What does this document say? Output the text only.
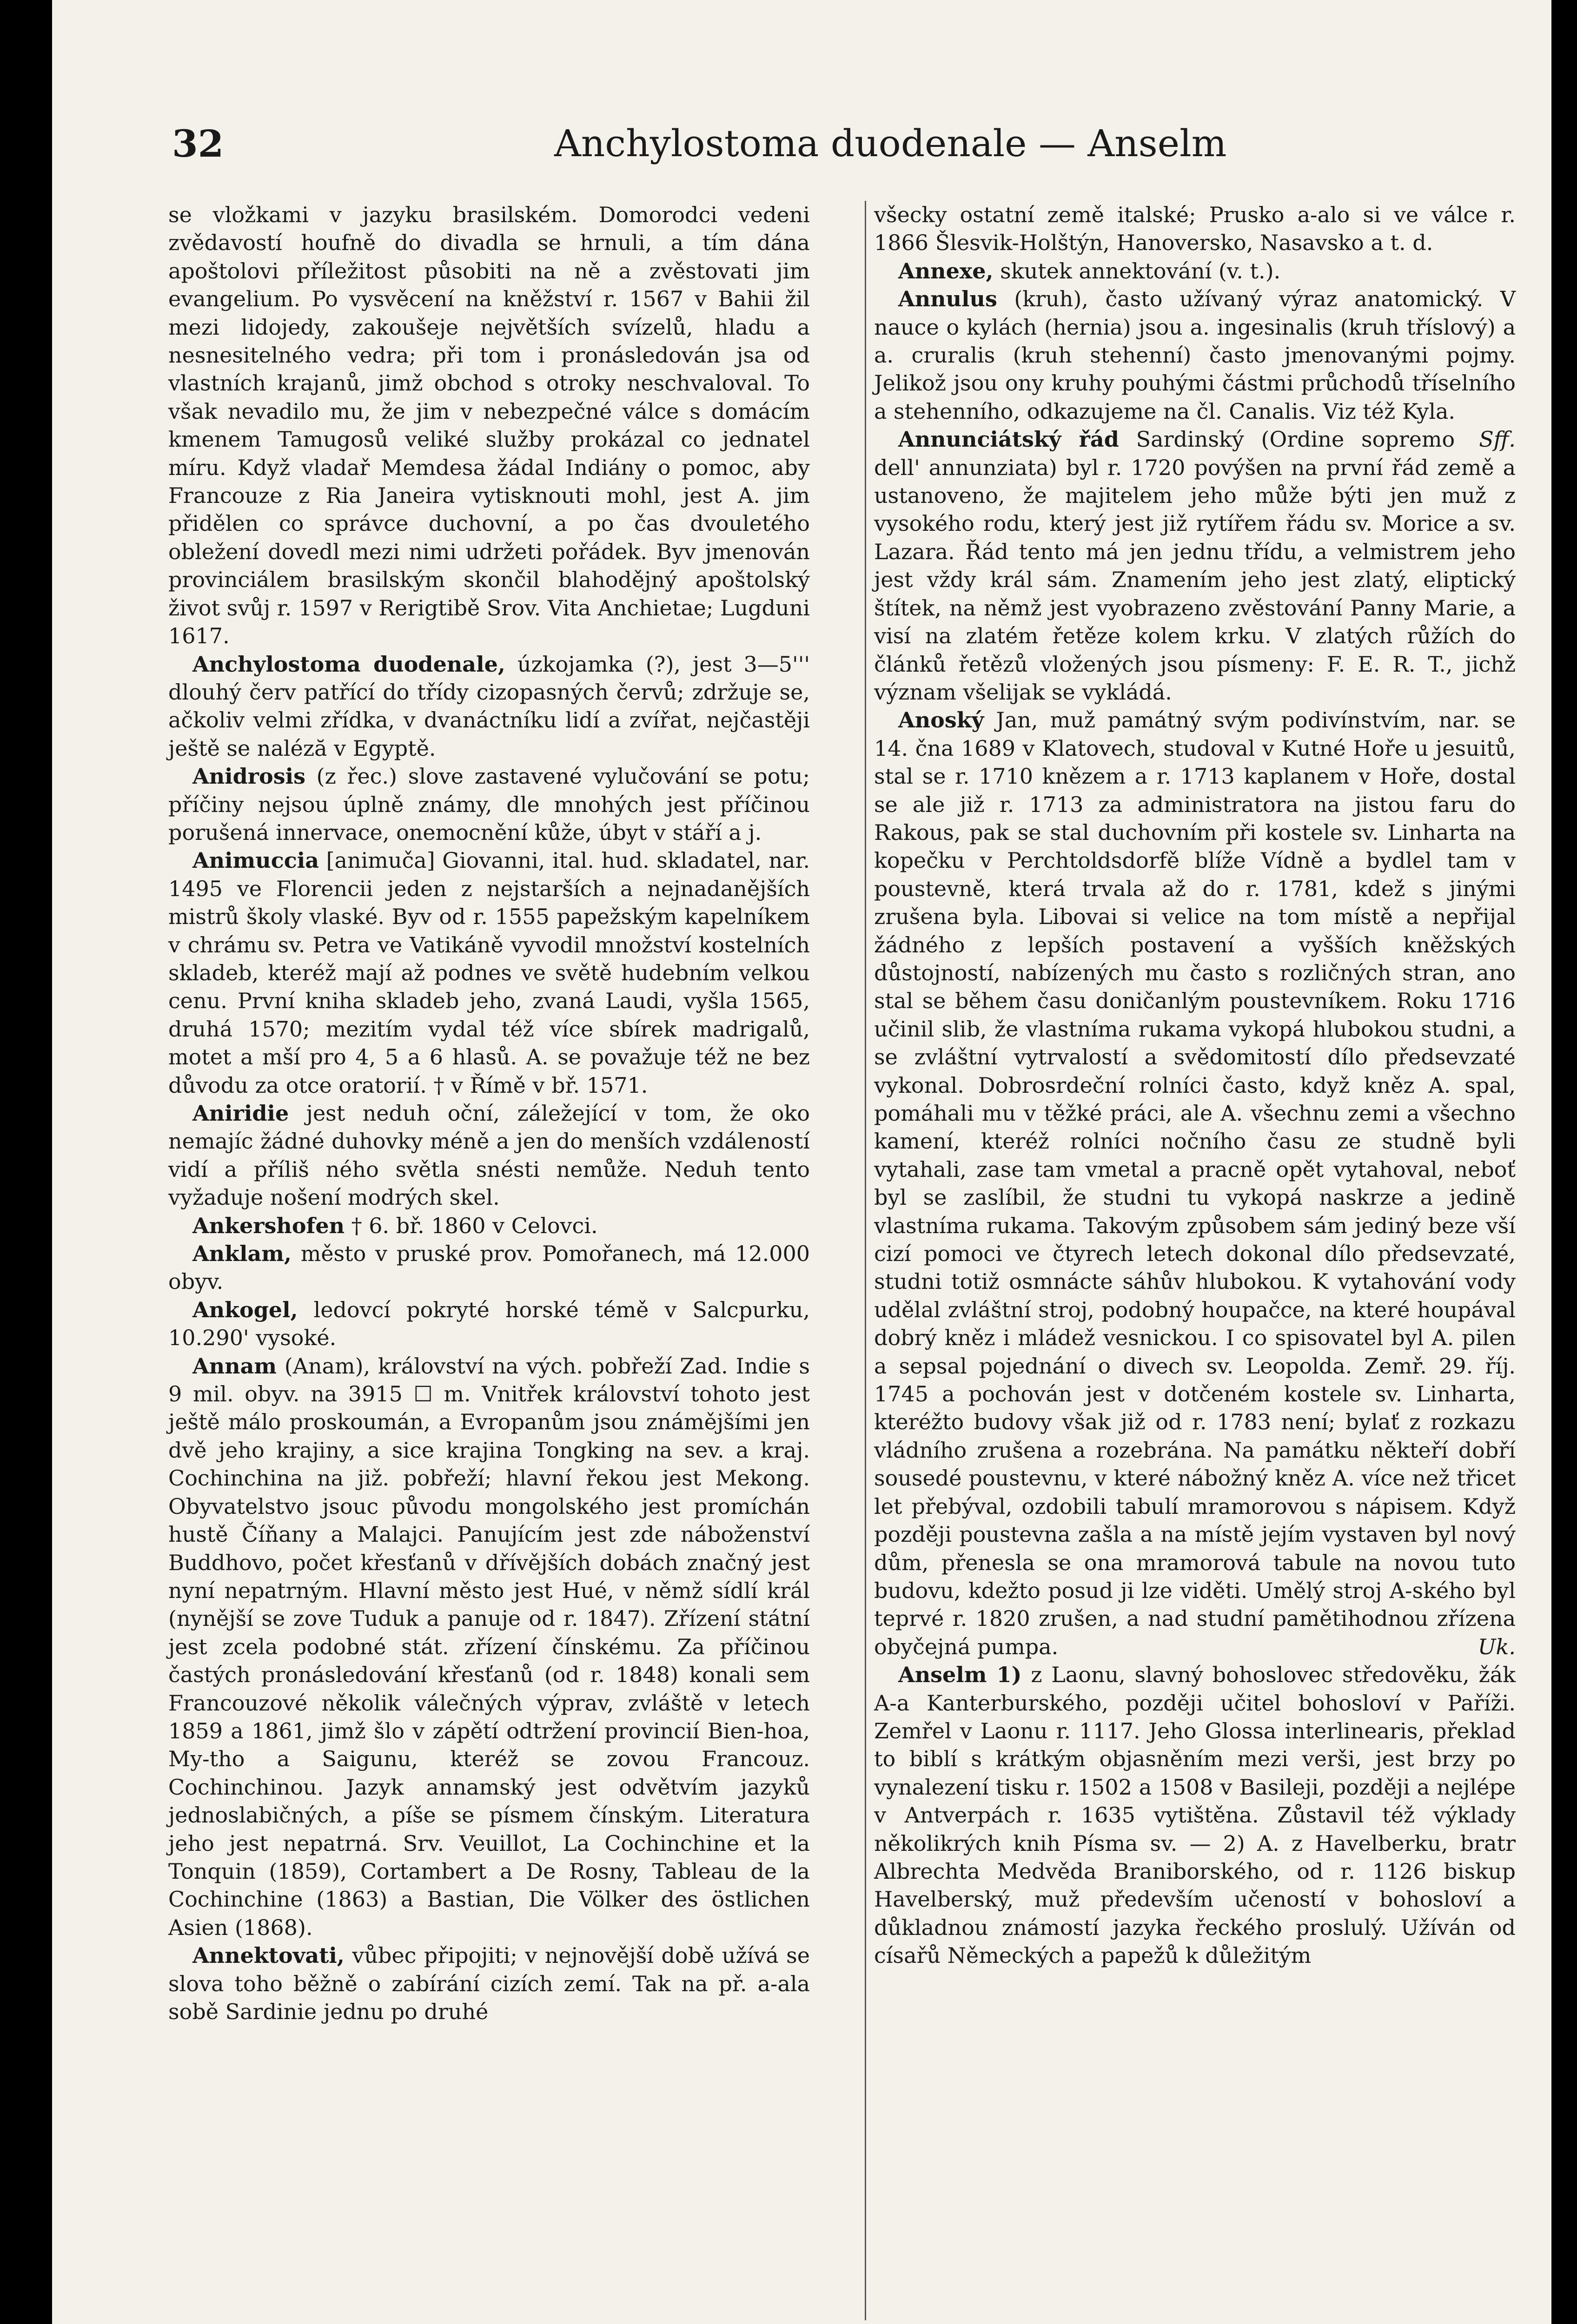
32	Anchylostoma duodenale — Anselm

se vložkami v jazyku brasilském. Domorodci vedeni zvědavostí houfně do divadla se hrnuli, a tím dána apoštolovi příležitost působiti na ně a zvěstovati jim evangelium. Po vysvěcení na kněžství r. 1567 v Bahii žil mezi lidojedy, zakoušeje největších svízelů, hladu a nesnesitelného vedra; při tom i pronásledován jsa od vlastních krajanů, jimž obchod s otroky neschvaloval. To však nevadilo mu, že jim v nebezpečné válce s domácím kmenem Tamugosů veliké služby prokázal co jednatel míru. Když vladař Memdesa žádal Indiány o pomoc, aby Francouze z Ria Janeira vytisknouti mohl, jest A. jim přidělen co správce duchovní, a po čas dvouletého obležení dovedl mezi nimi udržeti pořádek. Byv jmenován provinciálem brasilským skončil blahodějný apoštolský život svůj r. 1597 v Rerigtibě Srov. Vita Anchietae; Lugduni 1617.

Anchylostoma duodenale, úzkojamka (?), jest 3—5''' dlouhý červ patřící do třídy cizopasných červů; zdržuje se, ačkoliv velmi zřídka, v dvanáctníku lidí a zvířat, nejčastěji ještě se naléză v Egyptě.

Anidrosis (z řec.) slove zastavené vylučování se potu; příčiny nejsou úplně známy, dle mnohých jest příčinou porušená innervace, onemocnění kůže, úbyt v stáří a j.

Animuccia [animuča] Giovanni, ital. hud. skladatel, nar. 1495 ve Florencii jeden z nejstarších a nejnadanějších mistrů školy vlaské. Byv od r. 1555 papežským kapelníkem v chrámu sv. Petra ve Vatikáně vyvodil množství kostelních skladeb, kteréž mají až podnes ve světě hudebním velkou cenu. První kniha skladeb jeho, zvaná Laudi, vyšla 1565, druhá 1570; mezitím vydal též více sbírek madrigalů, motet a mší pro 4, 5 a 6 hlasů. A. se považuje též ne bez důvodu za otce oratorií. † v Římě v bř. 1571.

Aniridie jest neduh oční, záležející v tom, že oko nemajíc žádné duhovky méně a jen do menších vzdáleností vidí a příliš ného světla snésti nemůže. Neduh tento vyžaduje nošení modrých skel.

Ankershofen † 6. bř. 1860 v Celovci.

Anklam, město v pruské prov. Pomořanech, má 12.000 obyv.

Ankogel, ledovcí pokryté horské témě v Salcpurku, 10.290' vysoké.

Annam (Anam), království na vých. pobřeží Zad. Indie s 9 mil. obyv. na 3915 ☐ m. Vnitřek království tohoto jest ještě málo proskoumán, a Evropanům jsou známějšími jen dvě jeho krajiny, a sice krajina Tongking na sev. a kraj. Cochinchina na již. pobřeží; hlavní řekou jest Mekong. Obyvatelstvo jsouc původu mongolského jest promíchán hustě Číňany a Malajci. Panujícím jest zde náboženství Buddhovo, počet křesťanů v dřívějších dobách značný jest nyní nepatrným. Hlavní město jest Hué, v němž sídlí král (nynější se zove Tuduk a panuje od r. 1847). Zřízení státní jest zcela podobné stát. zřízení čínskému. Za příčinou častých pronásledování křesťanů (od r. 1848) konali sem Francouzové několik válečných výprav, zvláště v letech 1859 a 1861, jimž šlo v zápětí odtržení provincií Bien-hoa, My-tho a Saigunu, kteréž se zovou Francouz. Cochinchinou. Jazyk annamský jest odvětvím jazyků jednoslabičných, a píše se písmem čínským. Literatura jeho jest nepatrná. Srv. Veuillot, La Cochinchine et la Tonquin (1859), Cortambert a De Rosny, Tableau de la Cochinchine (1863) a Bastian, Die Völker des östlichen Asien (1868).

Annektovati, vůbec připojiti; v nejnovější době užívá se slova toho běžně o zabírání cizích zemí. Tak na př. a-ala sobě Sardinie jednu po druhé

všecky ostatní země italské; Prusko a-alo si ve válce r. 1866 Šlesvik-Holštýn, Hanoversko, Nasavsko a t. d.

Annexe, skutek annektování (v. t.).

Annulus (kruh), často užívaný výraz anatomický. V nauce o kylách (hernia) jsou a. ingesinalis (kruh tříslový) a a. cruralis (kruh stehenní) často jmenovanými pojmy. Jelikož jsou ony kruhy pouhými částmi průchodů tříselního a stehenního, odkazujeme na čl. Canalis. Viz též Kyla.
Sff.

Annunciátský řád Sardinský (Ordine sopremo dell' annunziata) byl r. 1720 povýšen na první řád země a ustanoveno, že majitelem jeho může býti jen muž z vysokého rodu, který jest již rytířem řádu sv. Morice a sv. Lazara. Řád tento má jen jednu třídu, a velmistrem jeho jest vždy král sám. Znamením jeho jest zlatý, eliptický štítek, na němž jest vyobrazeno zvěstování Panny Marie, a visí na zlatém řetěze kolem krku. V zlatých růžích do článků řetězů vložených jsou písmeny: F. E. R. T., jichž význam všelijak se vykládá.

Anoský Jan, muž památný svým podivínstvím, nar. se 14. čna 1689 v Klatovech, studoval v Kutné Hoře u jesuitů, stal se r. 1710 knězem a r. 1713 kaplanem v Hoře, dostal se ale již r. 1713 za administratora na jistou faru do Rakous, pak se stal duchovním při kostele sv. Linharta na kopečku v Perchtoldsdorfě blíže Vídně a bydlel tam v poustevně, která trvala až do r. 1781, kdež s jinými zrušena byla. Libovai si velice na tom místě a nepřijal žádného z lepších postavení a vyšších kněžských důstojností, nabízených mu často s rozličných stran, ano stal se během času doničanlým poustevníkem. Roku 1716 učinil slib, že vlastníma rukama vykopá hlubokou studni, a se zvláštní vytrvalostí a svědomitostí dílo předsevzaté vykonal. Dobrosrdeční rolníci často, když kněz A. spal, pomáhali mu v těžké práci, ale A. všechnu zemi a všechno kamení, kteréž rolníci nočního času ze studně byli vytahali, zase tam vmetal a pracně opět vytahoval, neboť byl se zaslíbil, že studni tu vykopá naskrze a jedině vlastníma rukama. Takovým způsobem sám jediný beze vší cizí pomoci ve čtyrech letech dokonal dílo předsevzaté, studni totiž osmnácte sáhův hlubokou. K vytahování vody udělal zvláštní stroj, podobný houpačce, na které houpával dobrý kněz i mládež vesnickou. I co spisovatel byl A. pilen a sepsal pojednání o divech sv. Leopolda. Zemř. 29. říj. 1745 a pochován jest v dotčeném kostele sv. Linharta, kteréžto budovy však již od r. 1783 není; bylať z rozkazu vládního zrušena a rozebrána. Na památku někteří dobří sousedé poustevnu, v které nábožný kněz A. více než třicet let přebýval, ozdobili tabulí mramorovou s nápisem. Když později poustevna zašla a na místě jejím vystaven byl nový dům, přenesla se ona mramorová tabule na novou tuto budovu, kdežto posud ji lze viděti. Umělý stroj A-ského byl teprvé r. 1820 zrušen, a nad studní pamětihodnou zřízena obyčejná pumpa.	Uk.

Anselm 1) z Laonu, slavný bohoslovec středověku, žák A-a Kanterburského, později učitel bohosloví v Paříži. Zemřel v Laonu r. 1117. Jeho Glossa interlinearis, překlad to biblí s krátkým objasněním mezi verši, jest brzy po vynalezení tisku r. 1502 a 1508 v Basileji, později a nejlépe v Antverpách r. 1635 vytištěna. Zůstavil též výklady několikrých knih Písma sv. — 2) A. z Havelberku, bratr Albrechta Medvěda Braniborského, od r. 1126 biskup Havelberský, muž především učeností v bohosloví a důkladnou známostí jazyka řeckého proslulý. Užíván od císařů Německých a papežů k důležitým
